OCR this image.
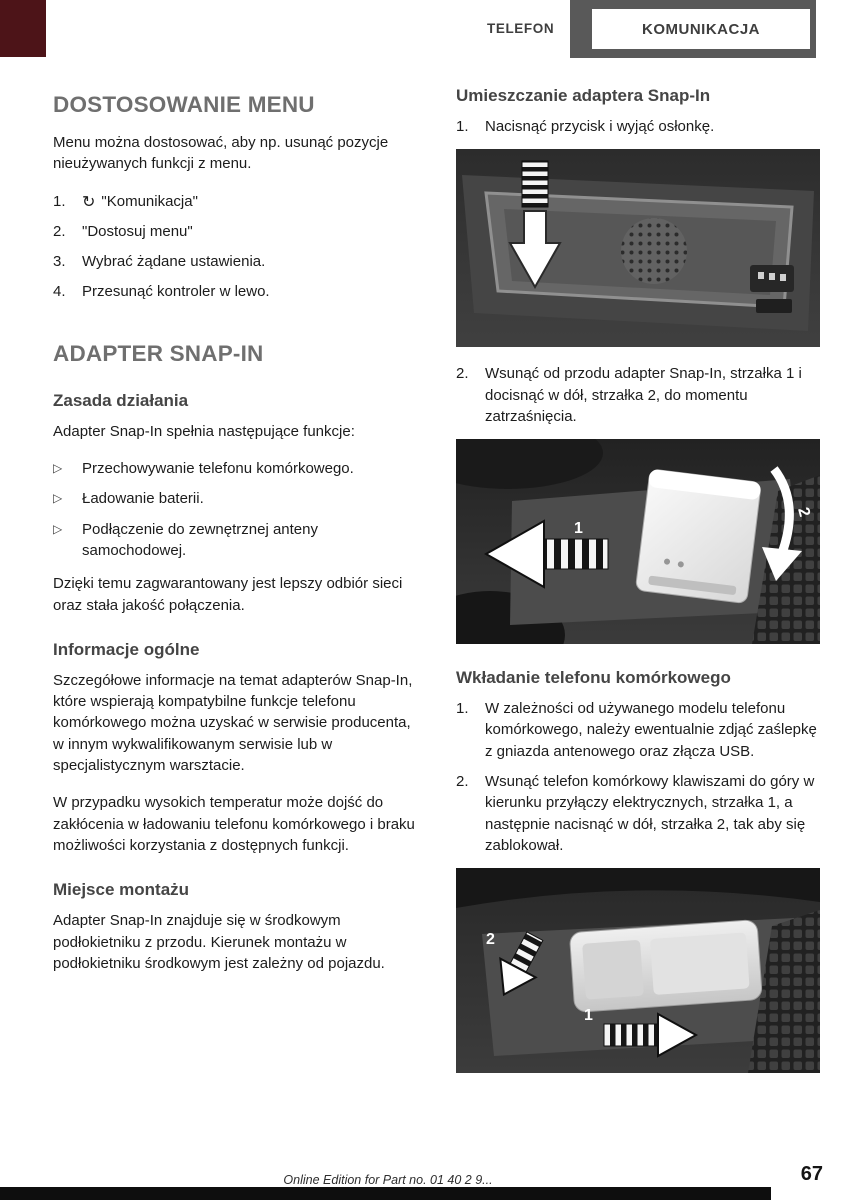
TELEFON	KOMUNIKACJA
DOSTOSOWANIE MENU

Menu można dostosować, aby np. usunąć pozycje nieużywanych funkcji z menu.

1.	↻ "Komunikacja"
2.	"Dostosuj menu"
3.	Wybrać żądane ustawienia.
4.	Przesunąć kontroler w lewo.
ADAPTER SNAP-IN
Zasada działania

Adapter Snap-In spełnia następujące funkcje:

▷	Przechowywanie telefonu komórkowego.
▷	Ładowanie baterii.
▷	Podłączenie do zewnętrznej anteny samochodowej.

Dzięki temu zagwarantowany jest lepszy odbiór sieci oraz stała jakość połączenia.

Informacje ogólne

Szczegółowe informacje na temat adapterów Snap-In, które wspierają kompatybilne funkcje telefonu komórkowego można uzyskać w serwisie producenta, w innym wykwalifikowanym serwisie lub w specjalistycznym warsztacie.

W przypadku wysokich temperatur może dojść do zakłócenia w ładowaniu telefonu komórkowego i braku możliwości korzystania z dostępnych funkcji.

Miejsce montażu

Adapter Snap-In znajduje się w środkowym podłokietniku z przodu. Kierunek montażu w podłokietniku środkowym jest zależny od pojazdu.

Umieszczanie adaptera Snap-In
1.	Nacisnąć przycisk i wyjąć osłonkę.
2.	Wsunąć od przodu adapter Snap-In, strzałka 1 i docisnąć w dół, strzałka 2, do momentu zatrzaśnięcia.
1
2
Wkładanie telefonu komórkowego
1.	W zależności od używanego modelu telefonu komórkowego, należy ewentualnie zdjąć zaślepkę z gniazda antenowego oraz złącza USB.
2.	Wsunąć telefon komórkowy klawiszami do góry w kierunku przyłączy elektrycznych, strzałka 1, a następnie nacisnąć w dół, strzałka 2, tak aby się zablokował.
2
1
Online Edition for Part no. 01 40 2 9...	67
